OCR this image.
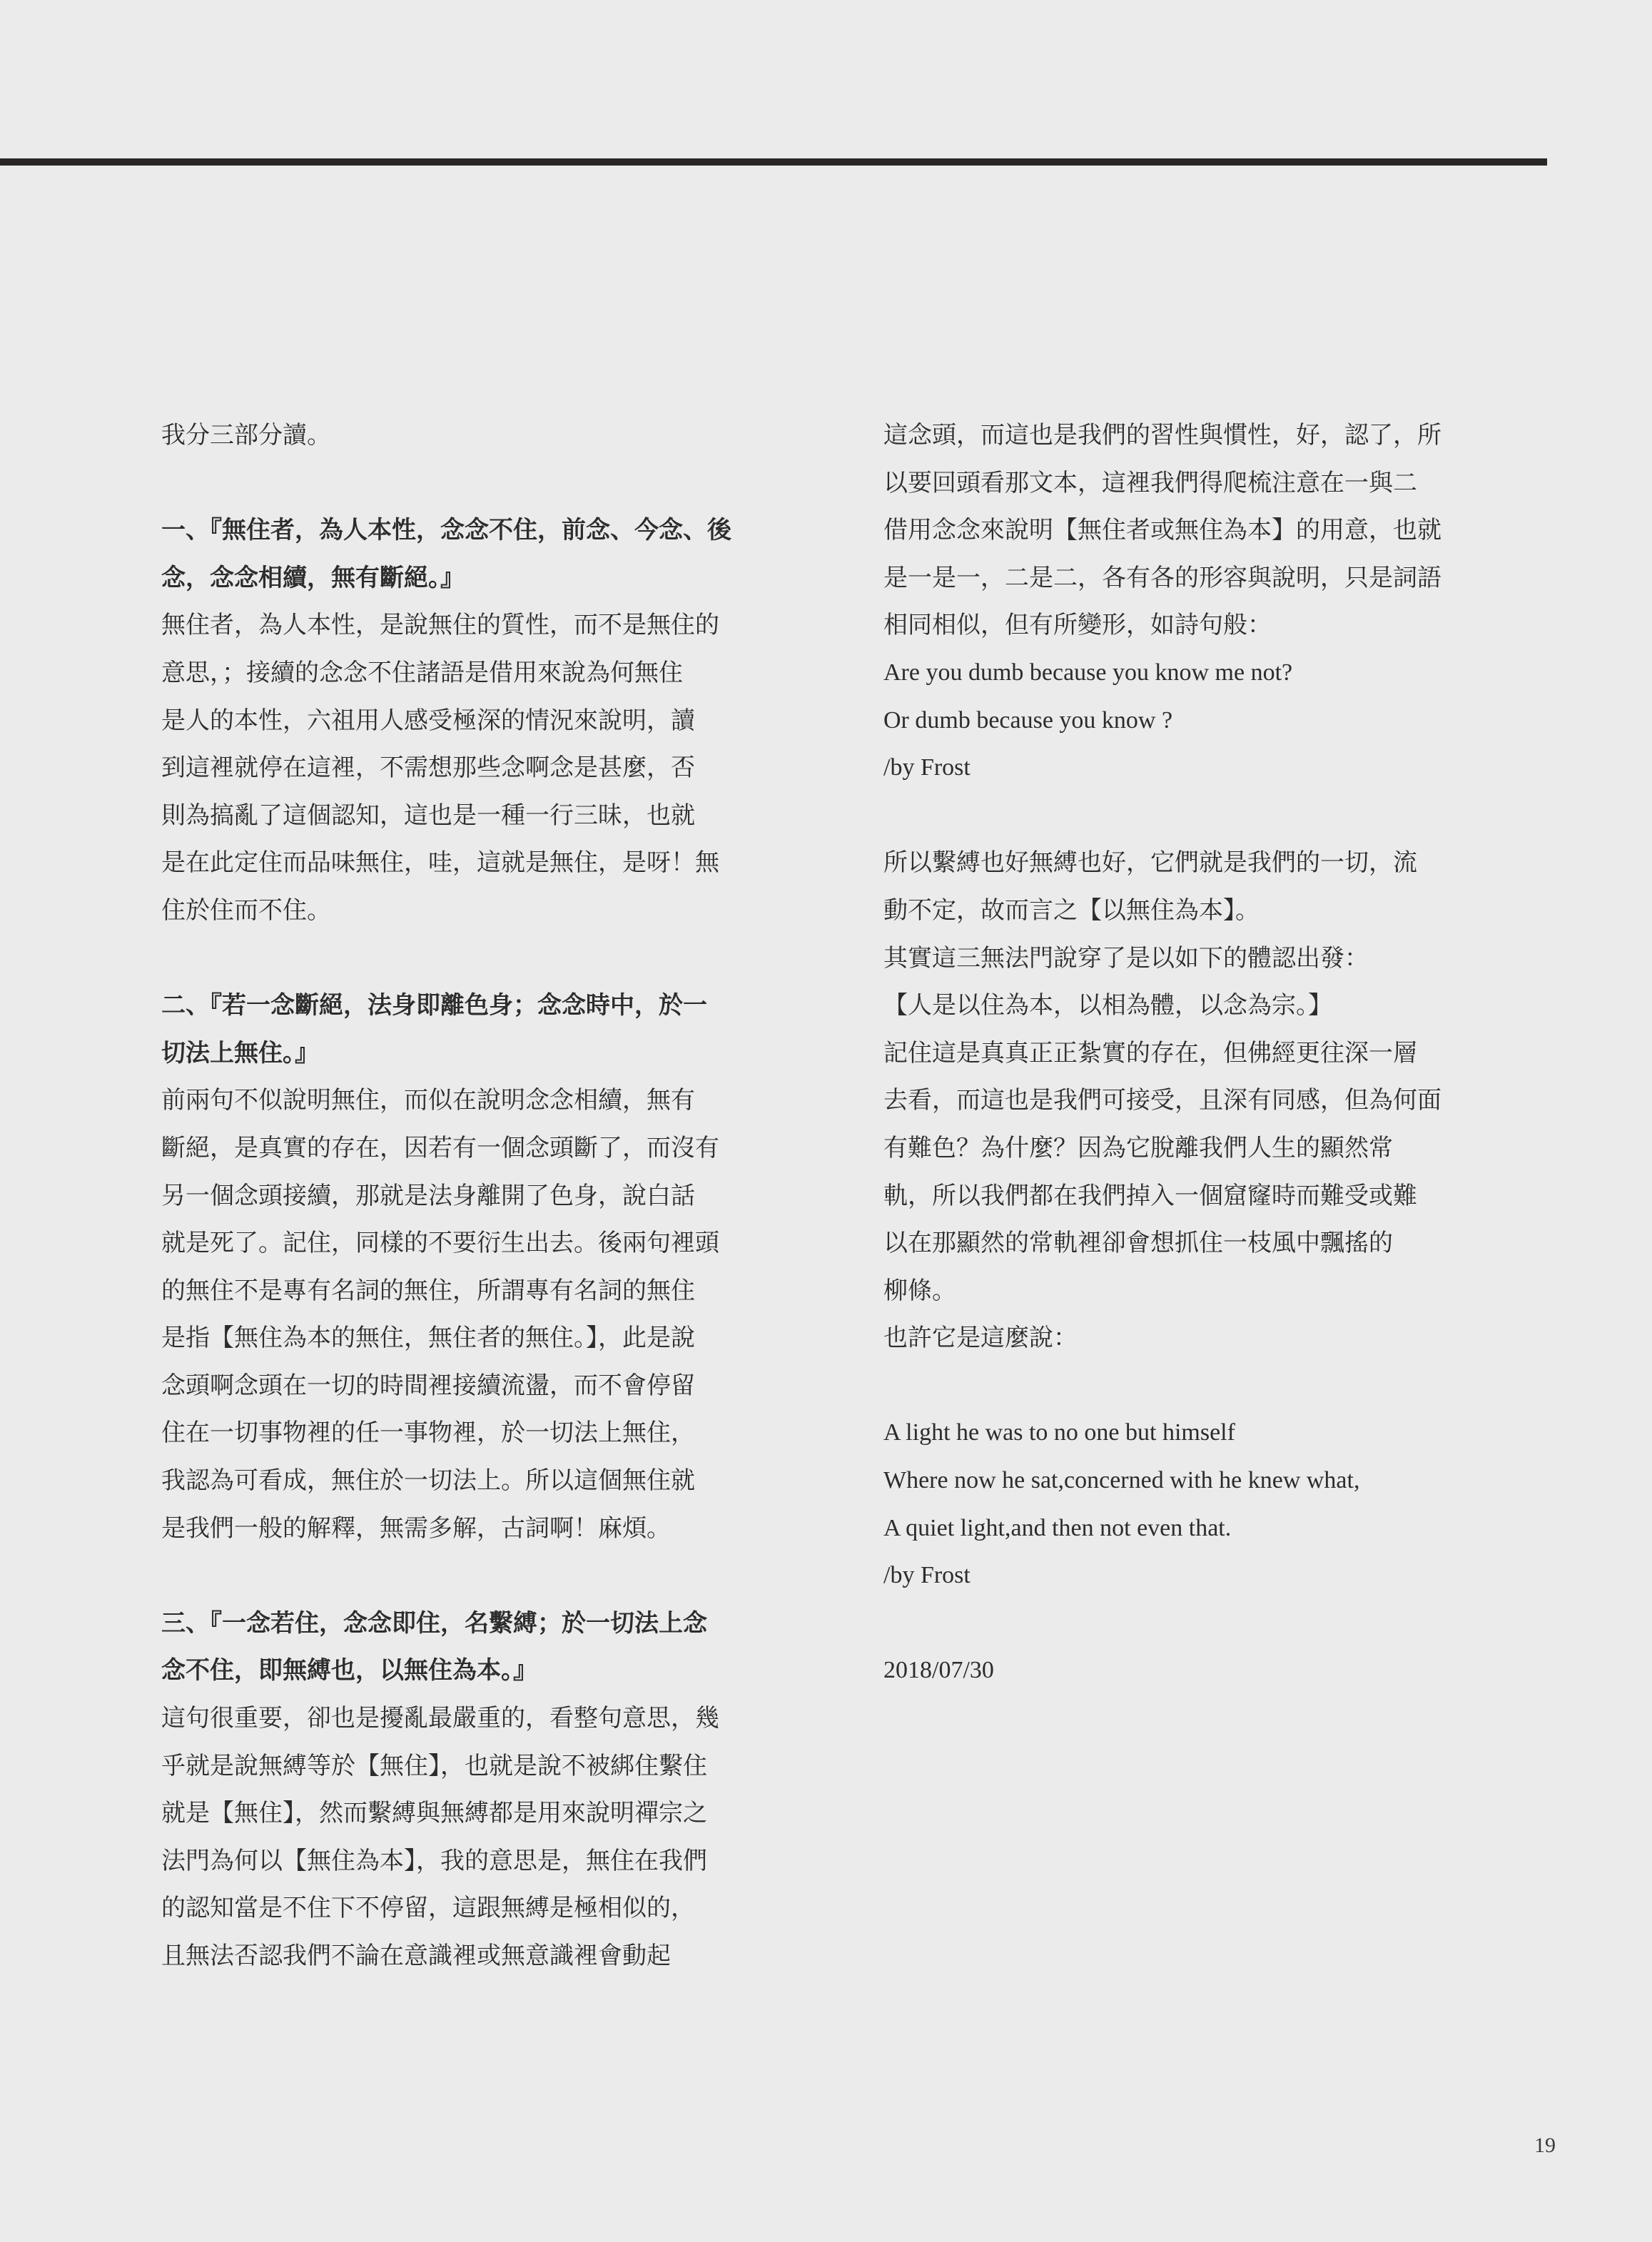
我分三部分讀。
一、『無住者，為人本性，念念不住，前念、今念、後
念，念念相續，無有斷絕。』
無住者，為人本性，是說無住的質性，而不是無住的
意思，；接續的念念不住諸語是借用來說為何無住
是人的本性，六祖用人感受極深的情況來說明，讀
到這裡就停在這裡，不需想那些念啊念是甚麼，否
則為搞亂了這個認知，這也是一種一行三昧，也就
是在此定住而品味無住，哇，這就是無住，是呀！無
住於住而不住。
二、『若一念斷絕，法身即離色身；念念時中，於一
切法上無住。』
前兩句不似說明無住，而似在說明念念相續，無有
斷絕，是真實的存在，因若有一個念頭斷了，而沒有
另一個念頭接續，那就是法身離開了色身，說白話
就是死了。記住，同樣的不要衍生出去。後兩句裡頭
的無住不是專有名詞的無住，所謂專有名詞的無住
是指【無住為本的無住，無住者的無住。】，此是說
念頭啊念頭在一切的時間裡接續流盪，而不會停留
住在一切事物裡的任一事物裡，於一切法上無住，
我認為可看成，無住於一切法上。所以這個無住就
是我們一般的解釋，無需多解，古詞啊！麻煩。
三、『一念若住，念念即住，名繫縛；於一切法上念
念不住，即無縛也，以無住為本。』
這句很重要，卻也是擾亂最嚴重的，看整句意思，幾
乎就是說無縛等於【無住】，也就是說不被綁住繫住
就是【無住】，然而繫縛與無縛都是用來說明禪宗之
法門為何以【無住為本】，我的意思是，無住在我們
的認知當是不住下不停留，這跟無縛是極相似的，
且無法否認我們不論在意識裡或無意識裡會動起
這念頭，而這也是我們的習性與慣性，好，認了，所
以要回頭看那文本，這裡我們得爬梳注意在一與二
借用念念來說明【無住者或無住為本】的用意，也就
是一是一，二是二，各有各的形容與說明，只是詞語
相同相似，但有所變形，如詩句般：
Are you dumb because you know me not?
Or dumb because you know ?
/by Frost
所以繫縛也好無縛也好，它們就是我們的一切，流
動不定，故而言之【以無住為本】。
其實這三無法門說穿了是以如下的體認出發：
【人是以住為本，以相為體，以念為宗。】
記住這是真真正正紮實的存在，但佛經更往深一層
去看，而這也是我們可接受，且深有同感，但為何面
有難色？為什麼？因為它脫離我們人生的顯然常
軌，所以我們都在我們掉入一個窟窿時而難受或難
以在那顯然的常軌裡卻會想抓住一枝風中飄搖的
柳條。
也許它是這麼說：
A light he was to no one but himself
Where now he sat,concerned with he knew what,
A quiet light,and then not even that.
/by Frost
2018/07/30
19
